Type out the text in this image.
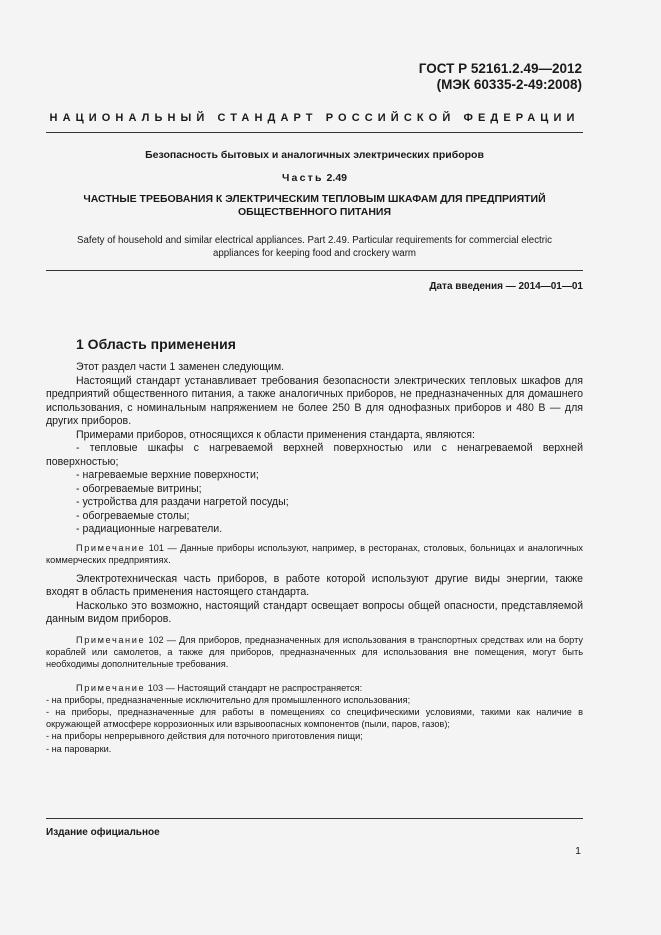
ГОСТ Р 52161.2.49—2012
(МЭК 60335-2-49:2008)
НАЦИОНАЛЬНЫЙ СТАНДАРТ РОССИЙСКОЙ ФЕДЕРАЦИИ
Безопасность бытовых и аналогичных электрических приборов
Часть 2.49
ЧАСТНЫЕ ТРЕБОВАНИЯ К ЭЛЕКТРИЧЕСКИМ ТЕПЛОВЫМ ШКАФАМ ДЛЯ ПРЕДПРИЯТИЙ
ОБЩЕСТВЕННОГО ПИТАНИЯ
Safety of household and similar electrical appliances. Part 2.49. Particular requirements for commercial electric
appliances for keeping food and crockery warm
Дата введения — 2014—01—01
1 Область применения

Этот раздел части 1 заменен следующим.

Настоящий стандарт устанавливает требования безопасности электрических тепловых шкафов для предприятий общественного питания, а также аналогичных приборов, не предназначенных для домашнего использования, с номинальным напряжением не более 250 В для однофазных приборов и 480 В — для других приборов.

Примерами приборов, относящихся к области применения стандарта, являются:

- тепловые шкафы с нагреваемой верхней поверхностью или с ненагреваемой верхней поверхностью;

- нагреваемые верхние поверхности;

- обогреваемые витрины;

- устройства для раздачи нагретой посуды;

- обогреваемые столы;

- радиационные нагреватели.

Примечание 101 — Данные приборы используют, например, в ресторанах, столовых, больницах и аналогичных коммерческих предприятиях.

Электротехническая часть приборов, в работе которой используют другие виды энергии, также входят в область применения настоящего стандарта.

Насколько это возможно, настоящий стандарт освещает вопросы общей опасности, представляемой данным видом приборов.

Примечание 102 — Для приборов, предназначенных для использования в транспортных средствах или на борту кораблей или самолетов, а также для приборов, предназначенных для использования вне помещения, могут быть необходимы дополнительные требования.

Примечание 103 — Настоящий стандарт не распространяется:

- на приборы, предназначенные исключительно для промышленного использования;

- на приборы, предназначенные для работы в помещениях со специфическими условиями, такими как наличие в окружающей атмосфере коррозионных или взрывоопасных компонентов (пыли, паров, газов);

- на приборы непрерывного действия для поточного приготовления пищи;

- на пароварки.

Издание официальное
1
